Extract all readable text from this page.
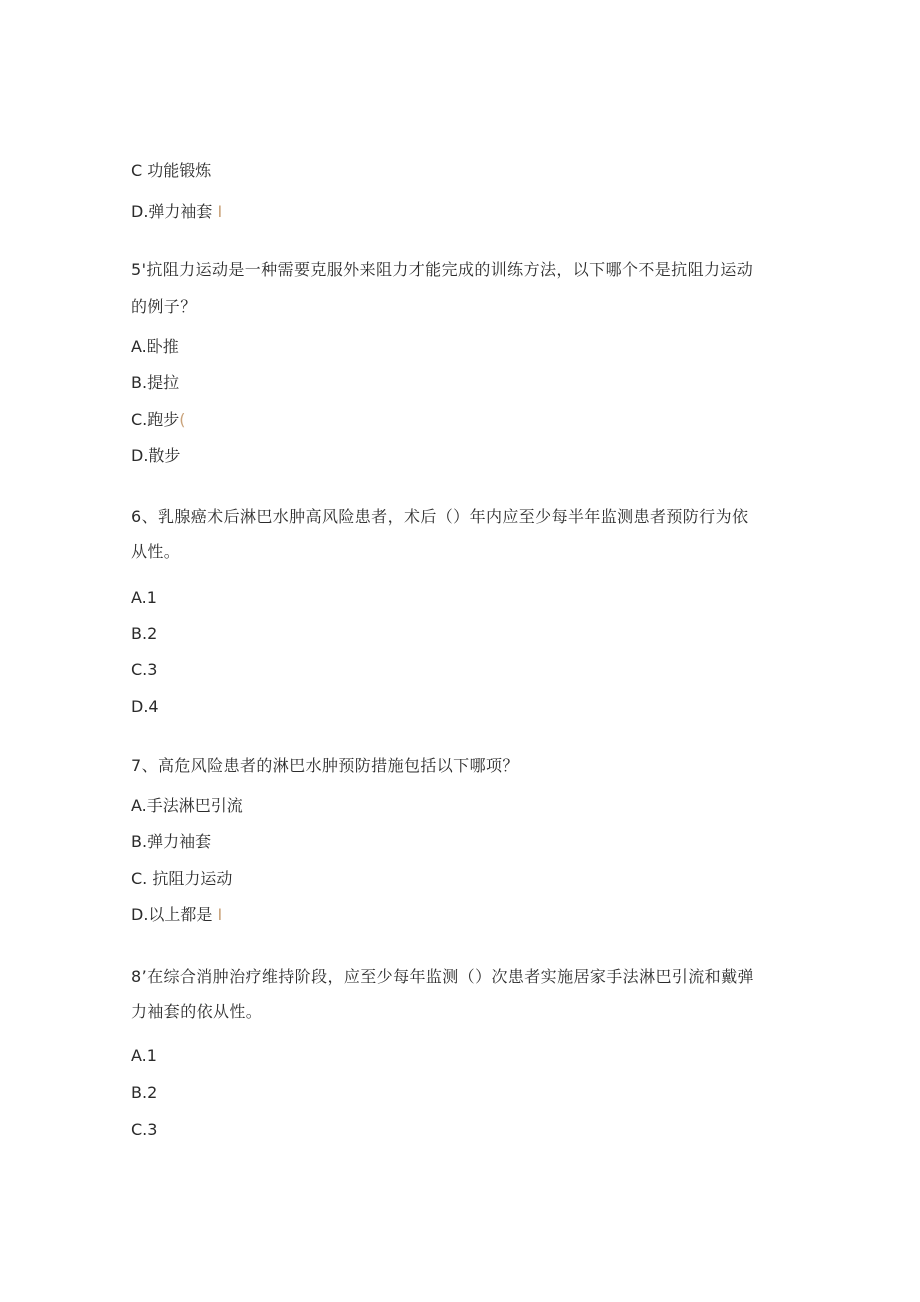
C 功能锻炼
D.弹力袖套 I
5'抗阻力运动是一种需要克服外来阻力才能完成的训练方法，以下哪个不是抗阻力运动
的例子？
A.卧推
B.提拉
C.跑步(
D.散步
6、乳腺癌术后淋巴水肿高风险患者，术后（）年内应至少每半年监测患者预防行为依
从性。
A.1
B.2
C.3
D.4
7、高危风险患者的淋巴水肿预防措施包括以下哪项？
A.手法淋巴引流
B.弹力袖套
C. 抗阻力运动
D.以上都是 I
8’在综合消肿治疗维持阶段，应至少每年监测（）次患者实施居家手法淋巴引流和戴弹
力袖套的依从性。
A.1
B.2
C.3
